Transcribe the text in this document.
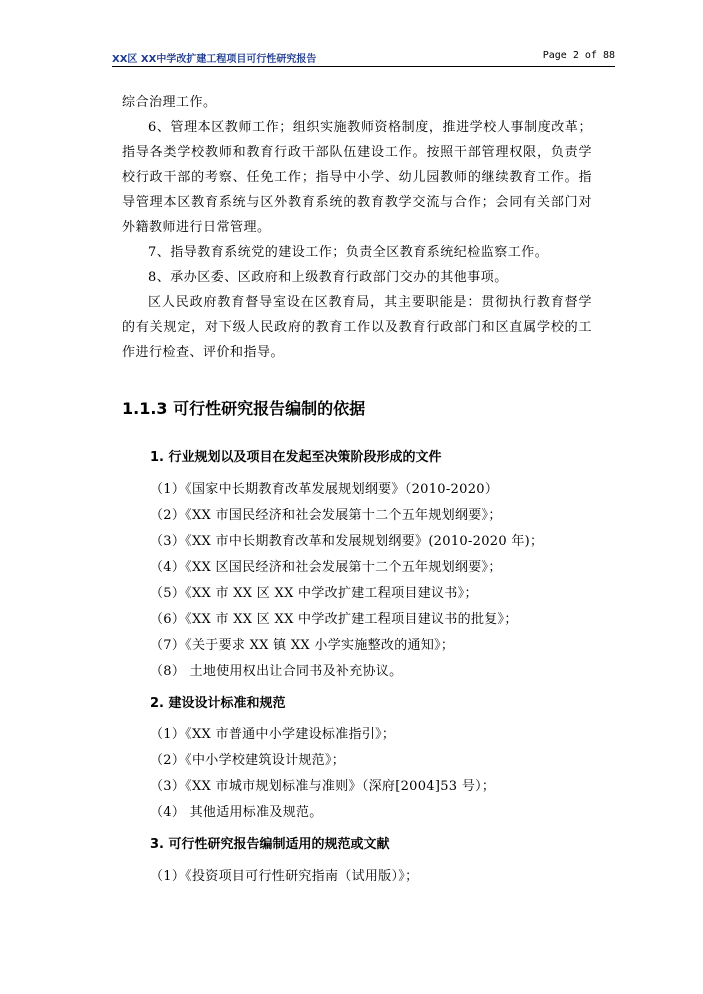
XX区 XX中学改扩建工程项目可行性研究报告	Page 2 of 88

综合治理工作。

6、管理本区教师工作；组织实施教师资格制度，推进学校人事制度改革；指导各类学校教师和教育行政干部队伍建设工作。按照干部管理权限，负责学校行政干部的考察、任免工作；指导中小学、幼儿园教师的继续教育工作。指导管理本区教育系统与区外教育系统的教育教学交流与合作；会同有关部门对外籍教师进行日常管理。

7、指导教育系统党的建设工作；负责全区教育系统纪检监察工作。

8、承办区委、区政府和上级教育行政部门交办的其他事项。

区人民政府教育督导室设在区教育局，其主要职能是：贯彻执行教育督学的有关规定，对下级人民政府的教育工作以及教育行政部门和区直属学校的工作进行检查、评价和指导。

1.1.3 可行性研究报告编制的依据
1. 行业规划以及项目在发起至决策阶段形成的文件
（1）《国家中长期教育改革发展规划纲要》（2010-2020）
（2）《XX 市国民经济和社会发展第十二个五年规划纲要》；
（3）《XX 市中长期教育改革和发展规划纲要》(2010-2020 年)；
（4）《XX 区国民经济和社会发展第十二个五年规划纲要》；
（5）《XX 市 XX 区 XX 中学改扩建工程项目建议书》；
（6）《XX 市 XX 区 XX 中学改扩建工程项目建议书的批复》；
（7）《关于要求 XX 镇 XX 小学实施整改的通知》；
（8） 土地使用权出让合同书及补充协议。
2. 建设设计标准和规范
（1）《XX 市普通中小学建设标准指引》；
（2）《中小学校建筑设计规范》；
（3）《XX 市城市规划标准与准则》（深府[2004]53 号）；
（4） 其他适用标准及规范。
3. 可行性研究报告编制适用的规范或文献
（1）《投资项目可行性研究指南（试用版）》；
